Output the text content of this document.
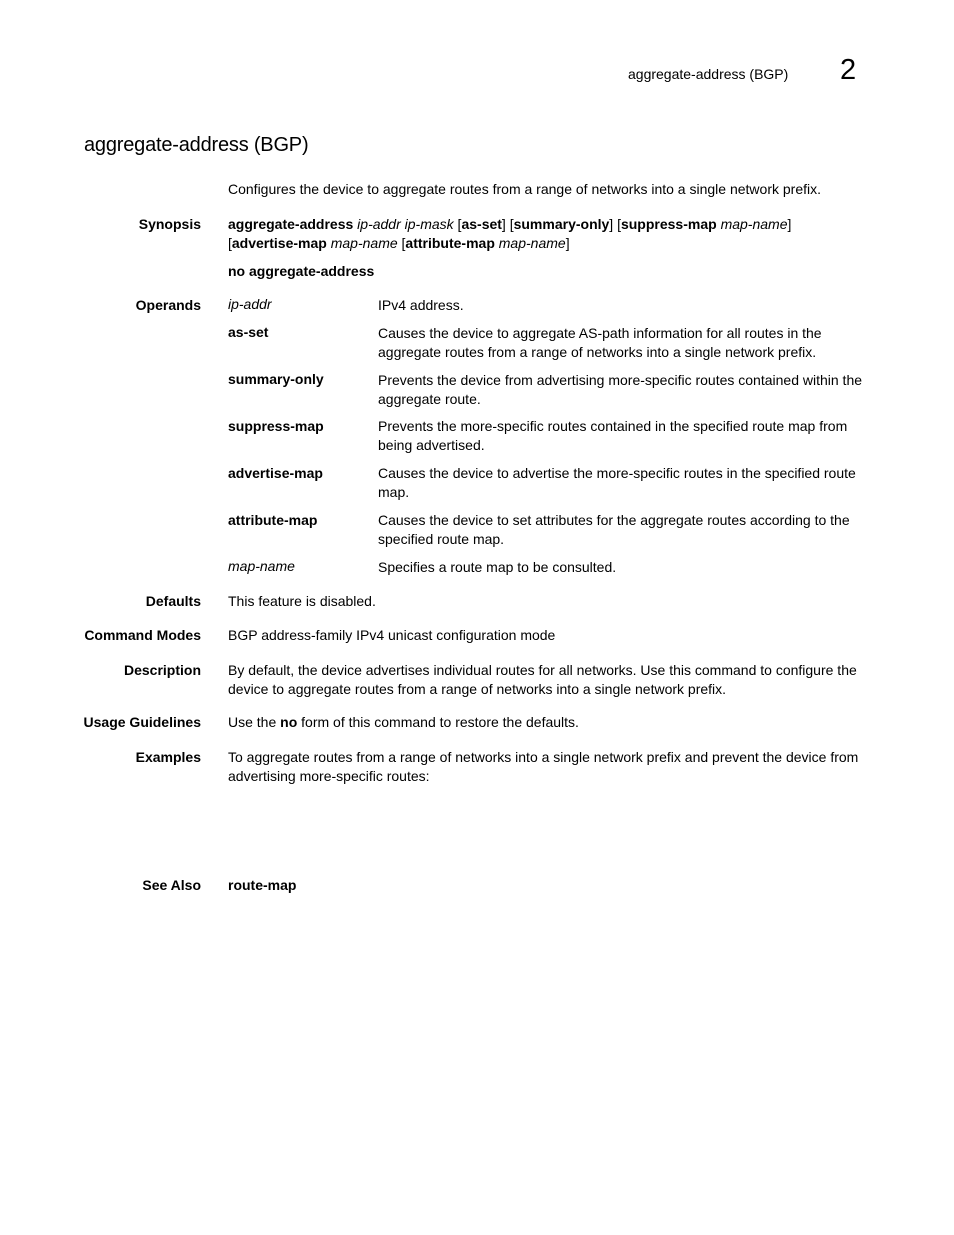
aggregate-address (BGP) 2
aggregate-address (BGP)
Configures the device to aggregate routes from a range of networks into a single network prefix.
Synopsis aggregate-address ip-addr ip-mask [as-set] [summary-only] [suppress-map map-name]
[advertise-map map-name [attribute-map map-name]
no aggregate-address
Operands ip-addr	IPv4 address.
as-set	Causes the device to aggregate AS-path information for all routes in the aggregate routes from a range of networks into a single network prefix.
summary-only	Prevents the device from advertising more-specific routes contained within the aggregate route.
suppress-map	Prevents the more-specific routes contained in the specified route map from being advertised.
advertise-map	Causes the device to advertise the more-specific routes in the specified route map.
attribute-map	Causes the device to set attributes for the aggregate routes according to the specified route map.
map-name	Specifies a route map to be consulted.
Defaults This feature is disabled.
Command Modes BGP address-family IPv4 unicast configuration mode
Description By default, the device advertises individual routes for all networks. Use this command to configure the device to aggregate routes from a range of networks into a single network prefix.
Usage Guidelines Use the no form of this command to restore the defaults.
Examples To aggregate routes from a range of networks into a single network prefix and prevent the device from advertising more-specific routes:
See Also route-map
